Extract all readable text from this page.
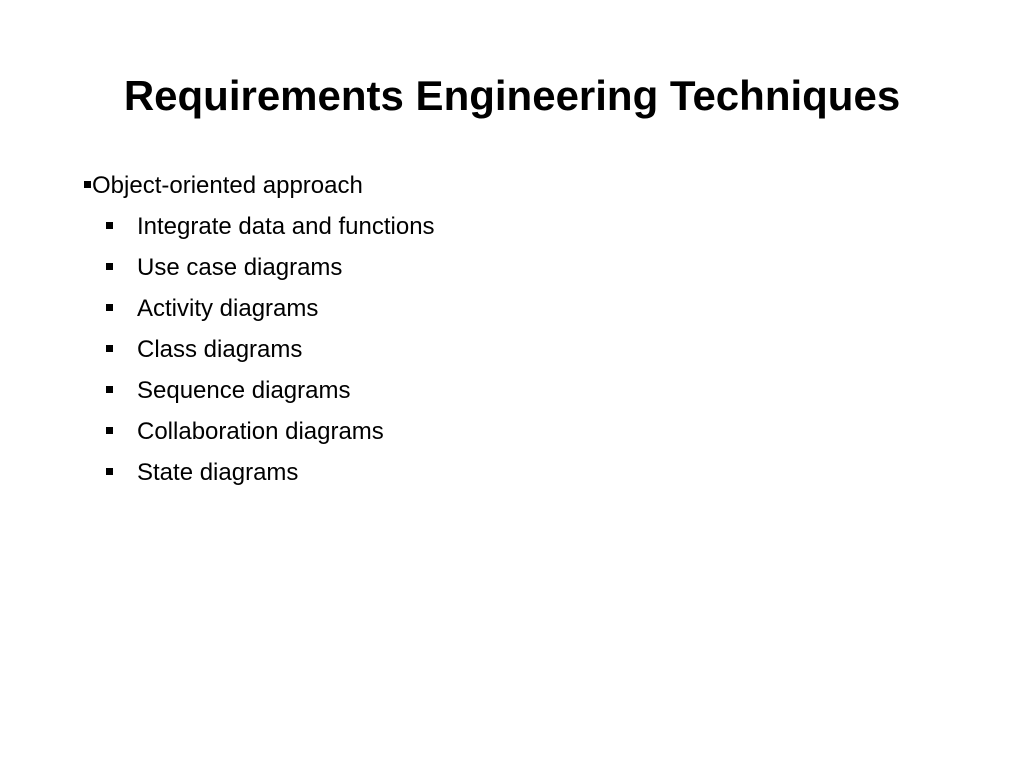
Requirements Engineering Techniques
Object-oriented approach
Integrate data and functions
Use case diagrams
Activity diagrams
Class diagrams
Sequence diagrams
Collaboration diagrams
State diagrams
